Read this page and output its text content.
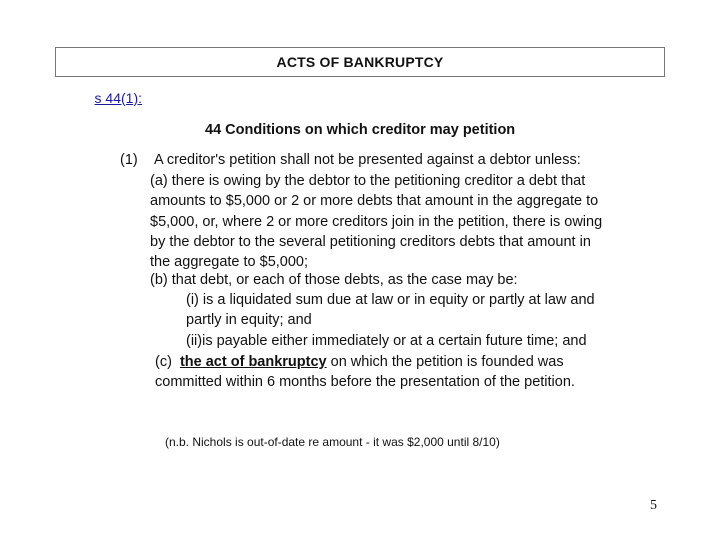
ACTS OF BANKRUPTCY
s 44(1):
44 Conditions on which creditor may petition
(1) A creditor's petition shall not be presented against a debtor unless:
(a) there is owing by the debtor to the petitioning creditor a debt that
amounts to $5,000 or 2 or more debts that amount in the aggregate to
$5,000, or, where 2 or more creditors join in the petition, there is owing
by the debtor to the several petitioning creditors debts that amount in
the aggregate to $5,000;
(b) that debt, or each of those debts, as the case may be:
(i) is a liquidated sum due at law or in equity or partly at law and
partly in equity; and
(ii)is payable either immediately or at a certain future time; and
(c)  the act of bankruptcy on which the petition is founded was
committed within 6 months before the presentation of the petition.
(n.b. Nichols is out-of-date re amount - it was $2,000 until 8/10)
5
